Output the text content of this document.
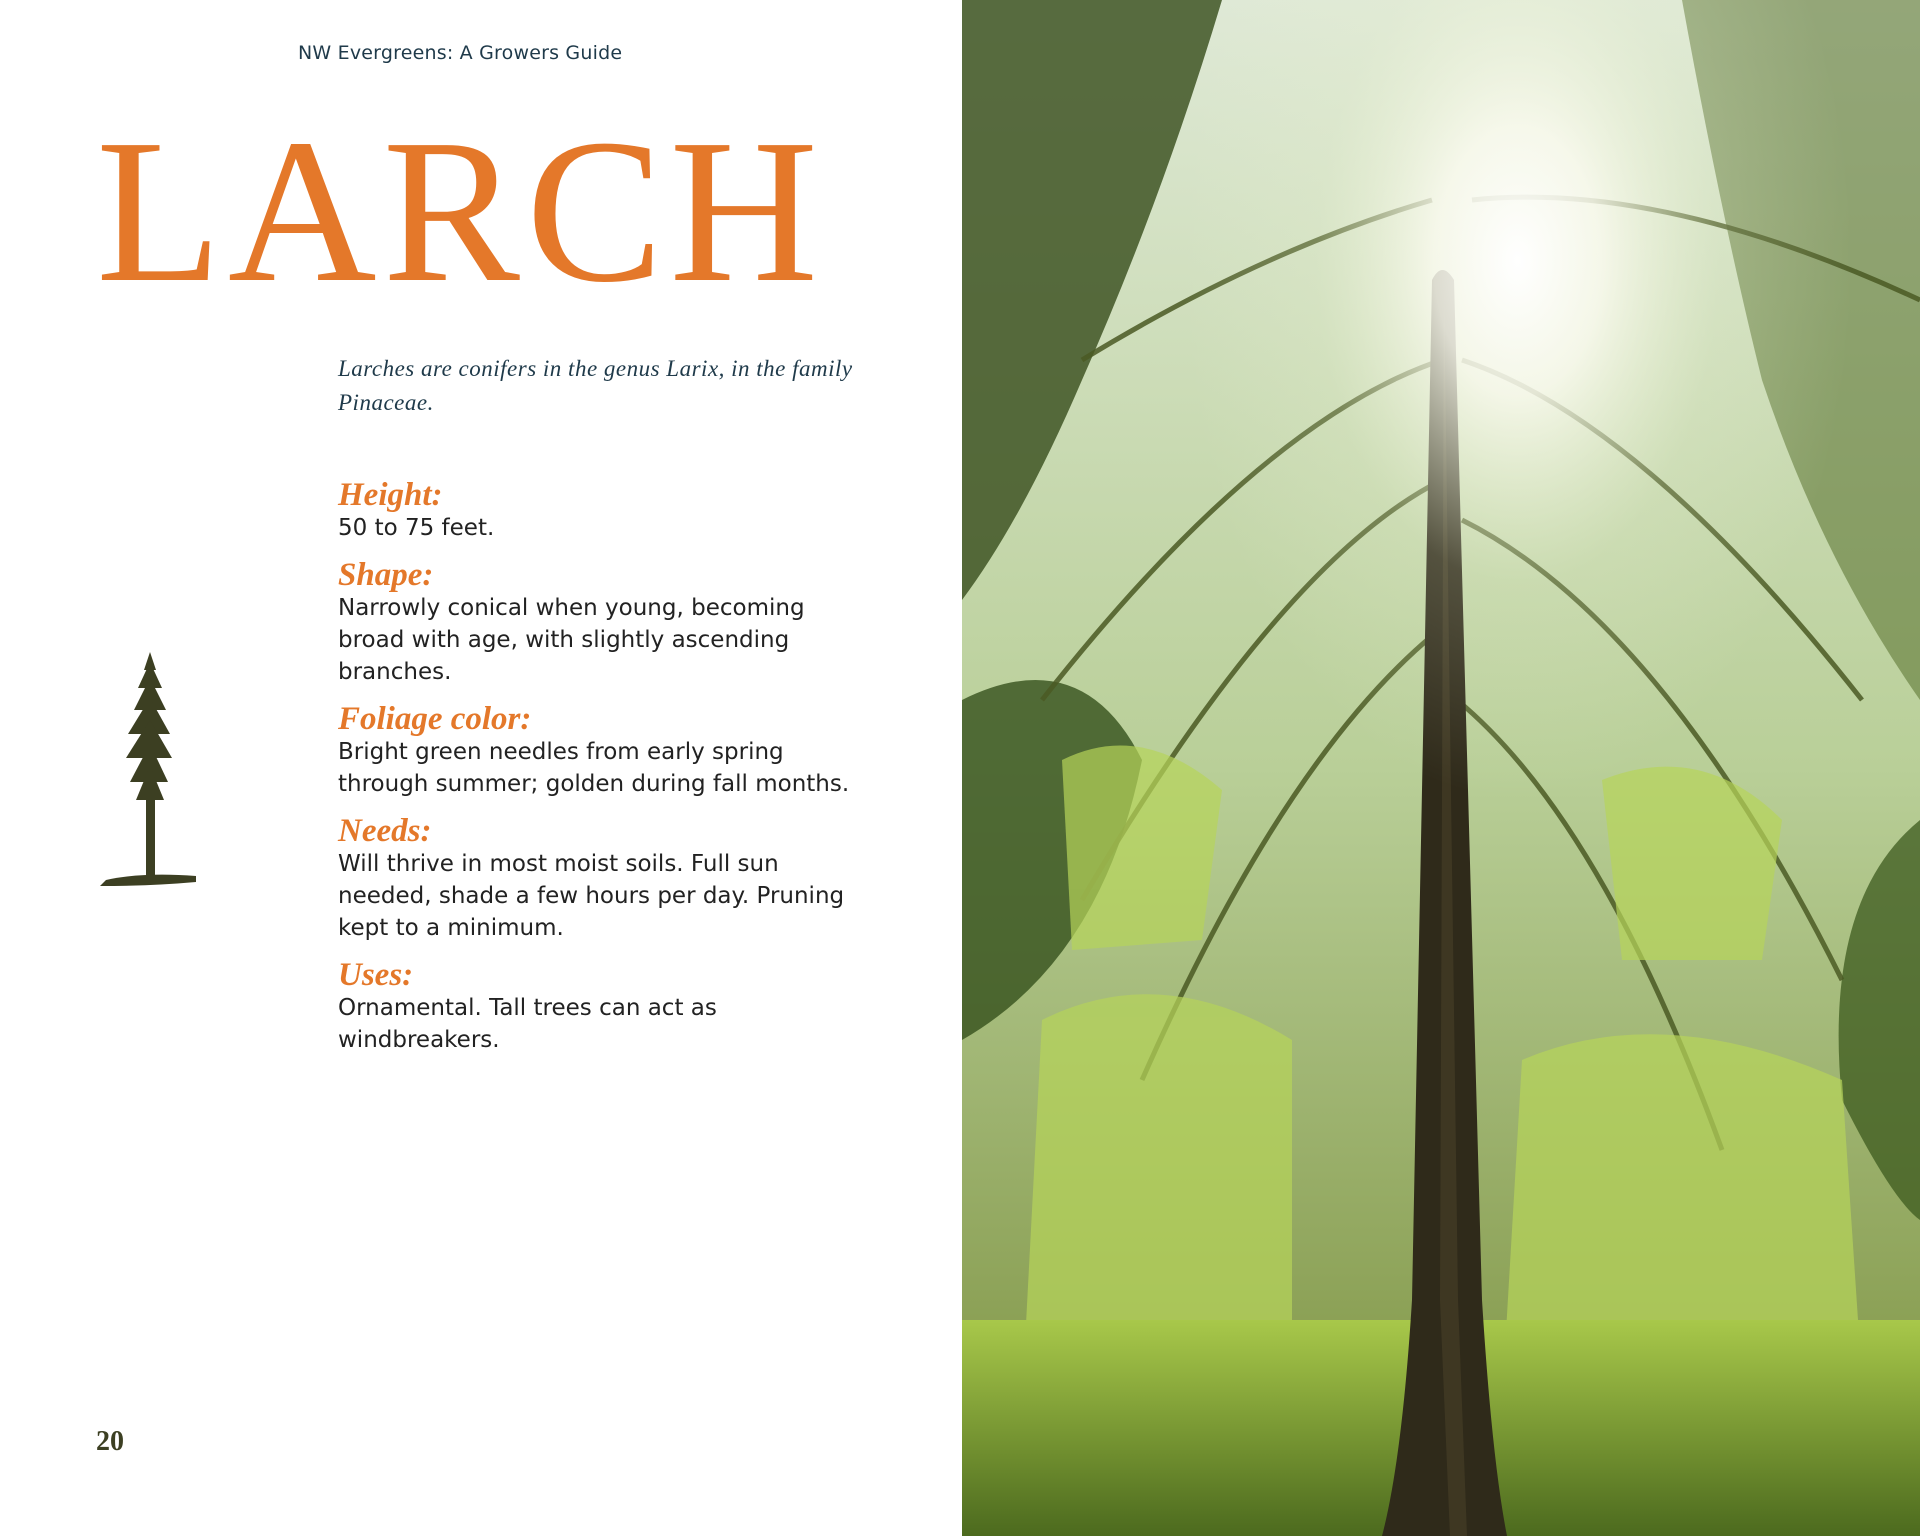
NW Evergreens: A Growers Guide
LARCH
Larches are conifers in the genus Larix, in the family Pinaceae.
Height:
50 to 75 feet.
Shape:
Narrowly conical when young, becoming broad with age, with slightly ascending branches.
Foliage color:
Bright green needles from early spring through summer; golden during fall months.
Needs:
Will thrive in most moist soils. Full sun needed, shade a few hours per day. Pruning kept to a minimum.
Uses:
Ornamental. Tall trees can act as windbreakers.
20
